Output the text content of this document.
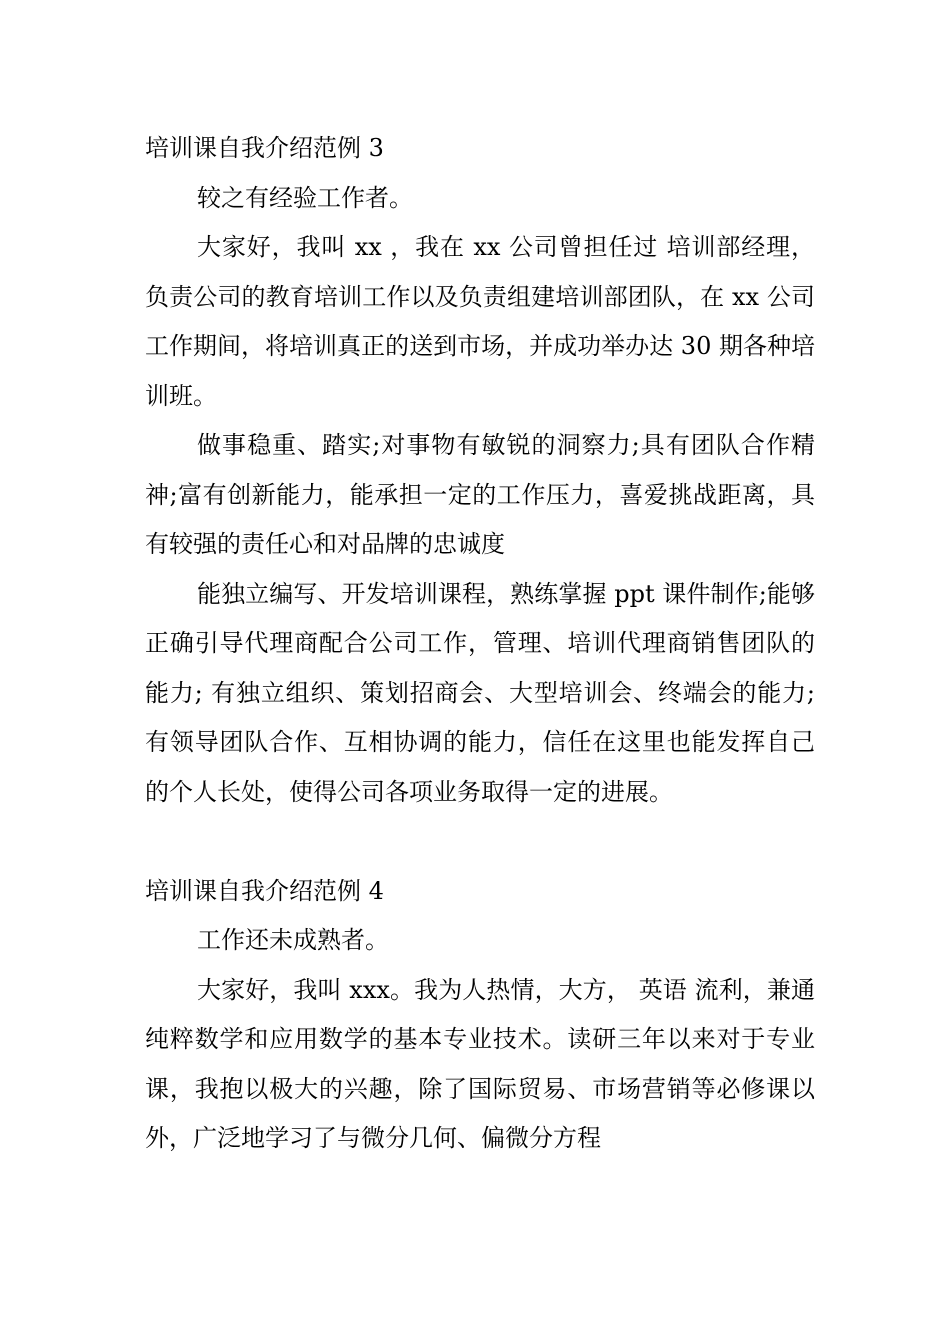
培训课自我介绍范例 3

较之有经验工作者。

大家好，我叫 xx ，我在 xx 公司曾担任过 培训部经理，负责公司的教育培训工作以及负责组建培训部团队，在 xx 公司工作期间，将培训真正的送到市场，并成功举办达 30 期各种培训班。

做事稳重、踏实;对事物有敏锐的洞察力;具有团队合作精神;富有创新能力，能承担一定的工作压力，喜爱挑战距离，具有较强的责任心和对品牌的忠诚度

能独立编写、开发培训课程，熟练掌握 ppt 课件制作;能够正确引导代理商配合公司工作，管理、培训代理商销售团队的能力; 有独立组织、策划招商会、大型培训会、终端会的能力;有领导团队合作、互相协调的能力，信任在这里也能发挥自己的个人长处，使得公司各项业务取得一定的进展。

培训课自我介绍范例 4

工作还未成熟者。

大家好，我叫 xxx。我为人热情，大方， 英语 流利，兼通纯粹数学和应用数学的基本专业技术。读研三年以来对于专业课，我抱以极大的兴趣，除了国际贸易、市场营销等必修课以外，广泛地学习了与微分几何、偏微分方程
